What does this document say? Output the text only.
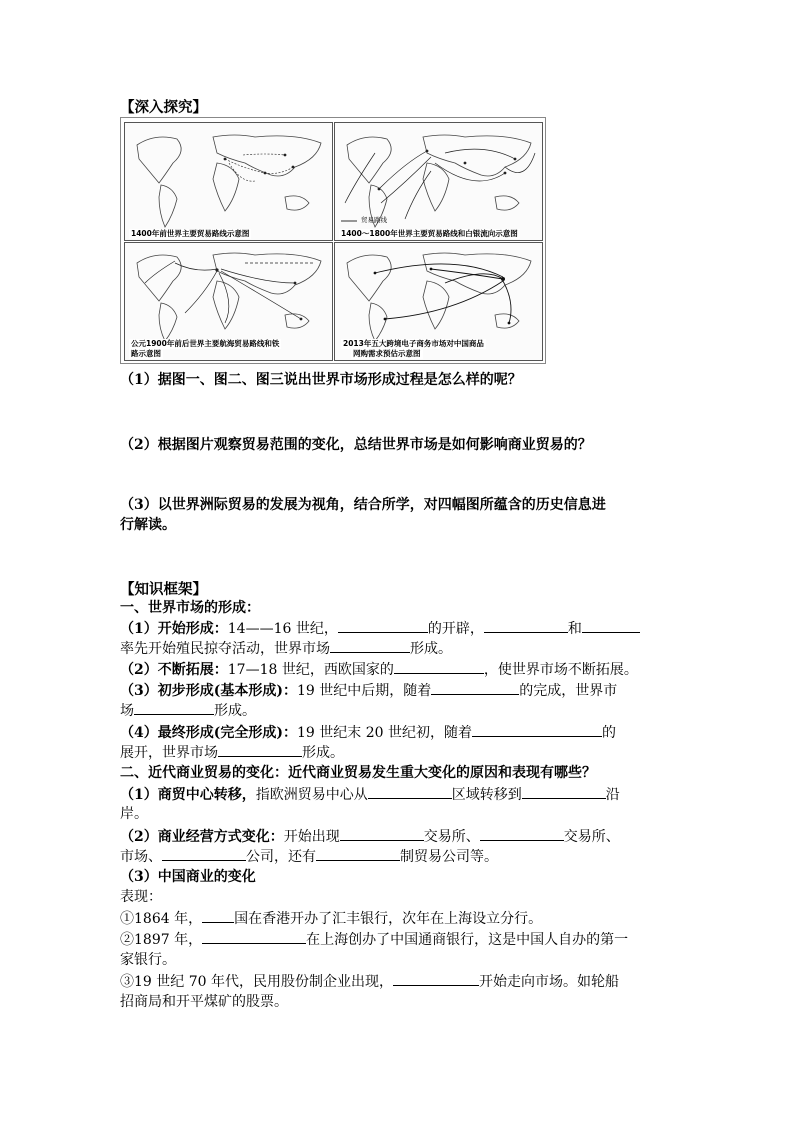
【深入探究】
1400年前世界主要贸易路线示意图
贸易路线
1400～1800年世界主要贸易路线和白银流向示意图
公元1900年前后世界主要航海贸易路线和铁
路示意图
2013年五大跨境电子商务市场对中国商品
网购需求预估示意图
（1）据图一、图二、图三说出世界市场形成过程是怎么样的呢？
（2）根据图片观察贸易范围的变化，总结世界市场是如何影响商业贸易的？
（3）以世界洲际贸易的发展为视角，结合所学，对四幅图所蕴含的历史信息进
行解读。
【知识框架】
一、世界市场的形成：
（1）开始形成：14——16 世纪，	的开辟，	和
率先开始殖民掠夺活动，世界市场	形成。
（2）不断拓展：17—18 世纪，西欧国家的	，使世界市场不断拓展。
（3）初步形成(基本形成)：19 世纪中后期，随着	的完成，世界市
场	形成。
（4）最终形成(完全形成)：19 世纪末 20 世纪初，随着	的
展开，世界市场	形成。
二、近代商业贸易的变化：近代商业贸易发生重大变化的原因和表现有哪些？
（1）商贸中心转移，指欧洲贸易中心从	区域转移到	沿
岸。
（2）商业经营方式变化：开始出现	交易所、	交易所、
市场、	公司，还有	制贸易公司等。
（3）中国商业的变化
表现：
①1864 年， 国在香港开办了汇丰银行，次年在上海设立分行。
②1897 年，	在上海创办了中国通商银行，这是中国人自办的第一
家银行。
③19 世纪 70 年代，民用股份制企业出现，	开始走向市场。如轮船
招商局和开平煤矿的股票。
